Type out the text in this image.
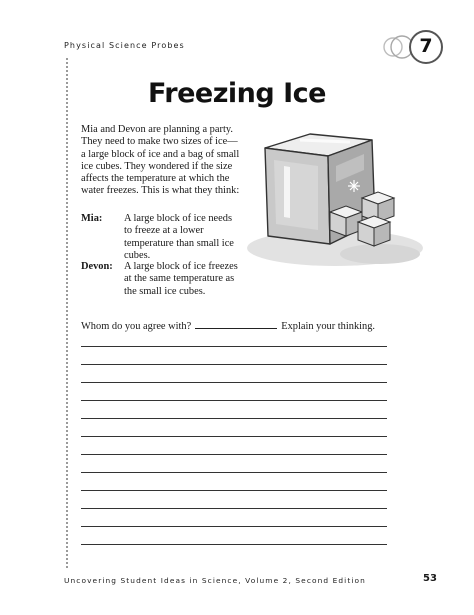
Physical Science Probes	7
Freezing Ice
Mia and Devon are planning a party. They need to make two sizes of ice—a large block of ice and a bag of small ice cubes. They wondered if the size affects the temperature at which the water freezes. This is what they think:
Mia: A large block of ice needs to freeze at a lower temperature than small ice cubes.
Devon: A large block of ice freezes at the same temperature as the small ice cubes.
Whom do you agree with?	Explain your thinking.
Uncovering Student Ideas in Science, Volume 2, Second Edition	53
